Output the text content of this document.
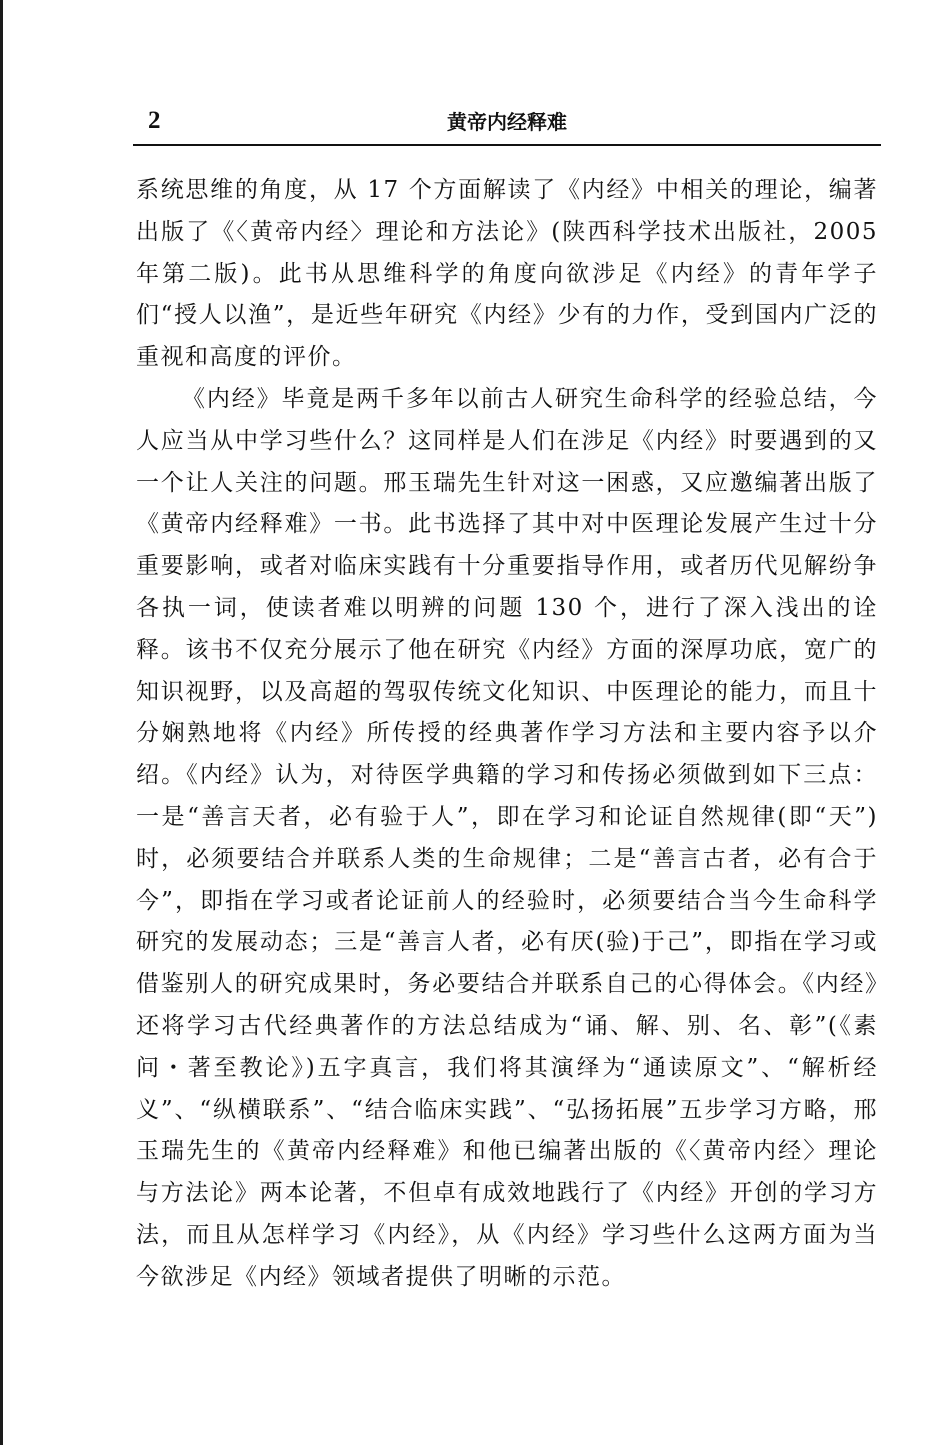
2	黄帝内经释难

系统思维的角度，从 17 个方面解读了《内经》中相关的理论，编著出版了《〈黄帝内经〉理论和方法论》(陕西科学技术出版社，2005 年第二版)。此书从思维科学的角度向欲涉足《内经》的青年学子们“授人以渔”，是近些年研究《内经》少有的力作，受到国内广泛的重视和高度的评价。

《内经》毕竟是两千多年以前古人研究生命科学的经验总结，今人应当从中学习些什么？这同样是人们在涉足《内经》时要遇到的又一个让人关注的问题。邢玉瑞先生针对这一困惑，又应邀编著出版了《黄帝内经释难》一书。此书选择了其中对中医理论发展产生过十分重要影响，或者对临床实践有十分重要指导作用，或者历代见解纷争各执一词，使读者难以明辨的问题 130 个，进行了深入浅出的诠释。该书不仅充分展示了他在研究《内经》方面的深厚功底，宽广的知识视野，以及高超的驾驭传统文化知识、中医理论的能力，而且十分娴熟地将《内经》所传授的经典著作学习方法和主要内容予以介绍。《内经》认为，对待医学典籍的学习和传扬必须做到如下三点：一是“善言天者，必有验于人”，即在学习和论证自然规律(即“天”)时，必须要结合并联系人类的生命规律；二是“善言古者，必有合于今”，即指在学习或者论证前人的经验时，必须要结合当今生命科学研究的发展动态；三是“善言人者，必有厌(验)于己”，即指在学习或借鉴别人的研究成果时，务必要结合并联系自己的心得体会。《内经》还将学习古代经典著作的方法总结成为“诵、解、别、名、彰”(《素问・著至教论》)五字真言，我们将其演绎为“通读原文”、“解析经义”、“纵横联系”、“结合临床实践”、“弘扬拓展”五步学习方略，邢玉瑞先生的《黄帝内经释难》和他已编著出版的《〈黄帝内经〉理论与方法论》两本论著，不但卓有成效地践行了《内经》开创的学习方法，而且从怎样学习《内经》，从《内经》学习些什么这两方面为当今欲涉足《内经》领域者提供了明晰的示范。
